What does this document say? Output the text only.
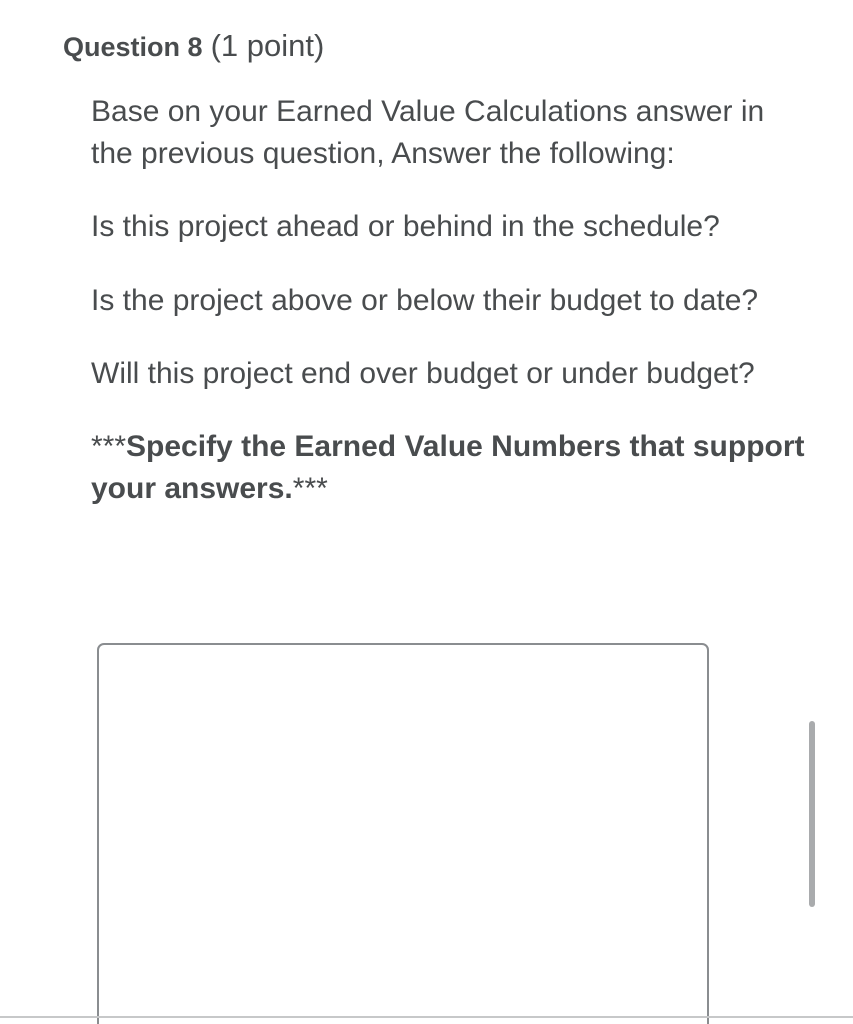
Question 8 (1 point)

Base on your Earned Value Calculations answer in the previous question, Answer the following:

Is this project ahead or behind in the schedule?

Is the project above or below their budget to date?

Will this project end over budget or under budget?

***Specify the Earned Value Numbers that support your answers.***
